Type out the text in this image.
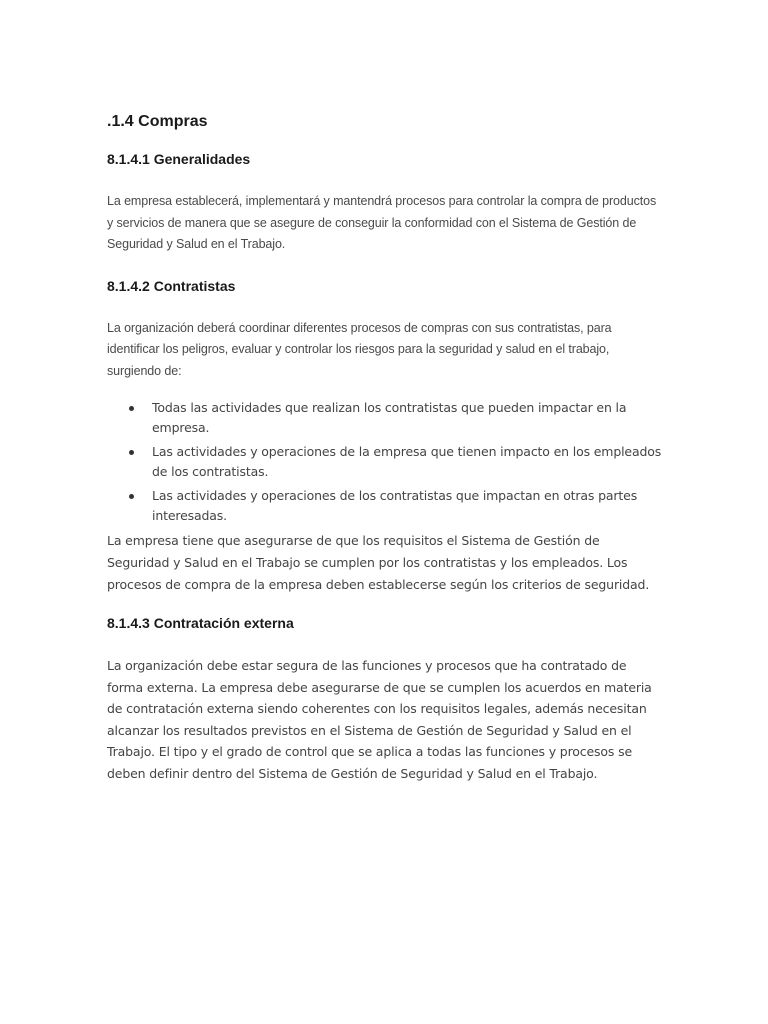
.1.4 Compras
8.1.4.1 Generalidades

La empresa establecerá, implementará y mantendrá procesos para controlar la compra de productos y servicios de manera que se asegure de conseguir la conformidad con el Sistema de Gestión de Seguridad y Salud en el Trabajo.

8.1.4.2 Contratistas

La organización deberá coordinar diferentes procesos de compras con sus contratistas, para identificar los peligros, evaluar y controlar los riesgos para la seguridad y salud en el trabajo, surgiendo de:

Todas las actividades que realizan los contratistas que pueden impactar en la empresa.
Las actividades y operaciones de la empresa que tienen impacto en los empleados de los contratistas.
Las actividades y operaciones de los contratistas que impactan en otras partes interesadas.

La empresa tiene que asegurarse de que los requisitos el Sistema de Gestión de Seguridad y Salud en el Trabajo se cumplen por los contratistas y los empleados. Los procesos de compra de la empresa deben establecerse según los criterios de seguridad.

8.1.4.3 Contratación externa

La organización debe estar segura de las funciones y procesos que ha contratado de forma externa. La empresa debe asegurarse de que se cumplen los acuerdos en materia de contratación externa siendo coherentes con los requisitos legales, además necesitan alcanzar los resultados previstos en el Sistema de Gestión de Seguridad y Salud en el Trabajo. El tipo y el grado de control que se aplica a todas las funciones y procesos se deben definir dentro del Sistema de Gestión de Seguridad y Salud en el Trabajo.
